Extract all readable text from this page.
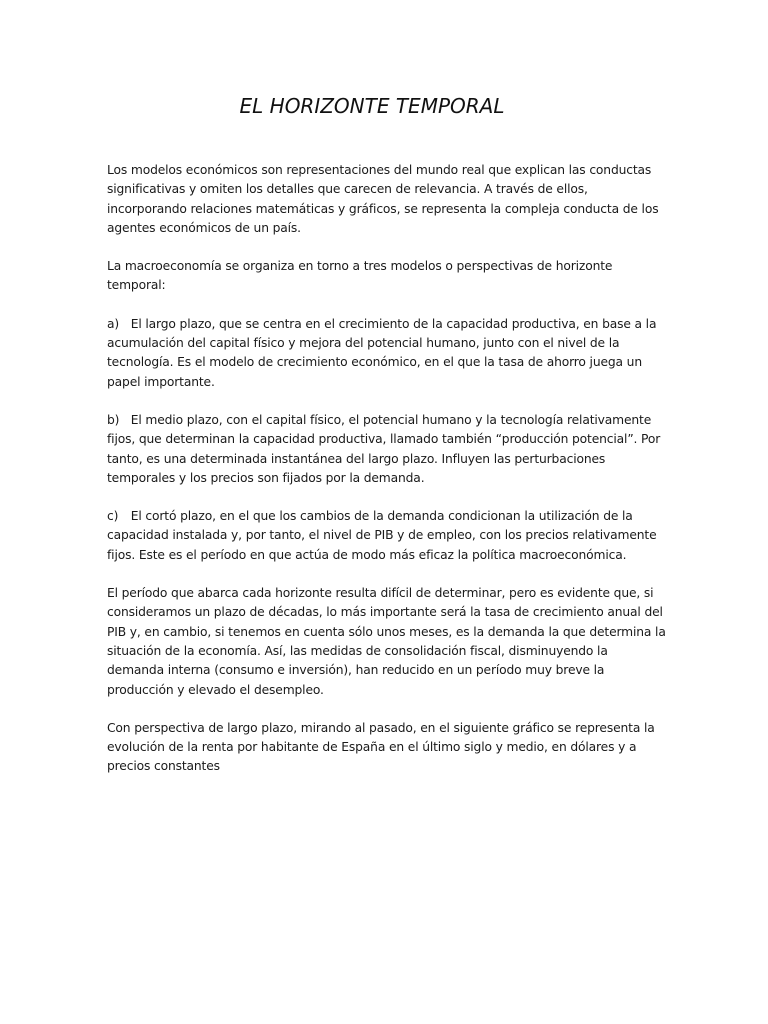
EL HORIZONTE TEMPORAL

Los modelos económicos son representaciones del mundo real que explican las conductas significativas y omiten los detalles que carecen de relevancia. A través de ellos, incorporando relaciones matemáticas y gráficos, se representa la compleja conducta de los agentes económicos de un país.

La macroeconomía se organiza en torno a tres modelos o perspectivas de horizonte temporal:

a) El largo plazo, que se centra en el crecimiento de la capacidad productiva, en base a la acumulación del capital físico y mejora del potencial humano, junto con el nivel de la tecnología. Es el modelo de crecimiento económico, en el que la tasa de ahorro juega un papel importante.

b) El medio plazo, con el capital físico, el potencial humano y la tecnología relativamente fijos, que determinan la capacidad productiva, llamado también “producción potencial”. Por tanto, es una determinada instantánea del largo plazo. Influyen las perturbaciones temporales y los precios son fijados por la demanda.

c) El cortó plazo, en el que los cambios de la demanda condicionan la utilización de la capacidad instalada y, por tanto, el nivel de PIB y de empleo, con los precios relativamente fijos. Este es el período en que actúa de modo más eficaz la política macroeconómica.

El período que abarca cada horizonte resulta difícil de determinar, pero es evidente que, si consideramos un plazo de décadas, lo más importante será la tasa de crecimiento anual del PIB y, en cambio, si tenemos en cuenta sólo unos meses, es la demanda la que determina la situación de la economía. Así, las medidas de consolidación fiscal, disminuyendo la demanda interna (consumo e inversión), han reducido en un período muy breve la producción y elevado el desempleo.

Con perspectiva de largo plazo, mirando al pasado, en el siguiente gráfico se representa la evolución de la renta por habitante de España en el último siglo y medio, en dólares y a precios constantes
